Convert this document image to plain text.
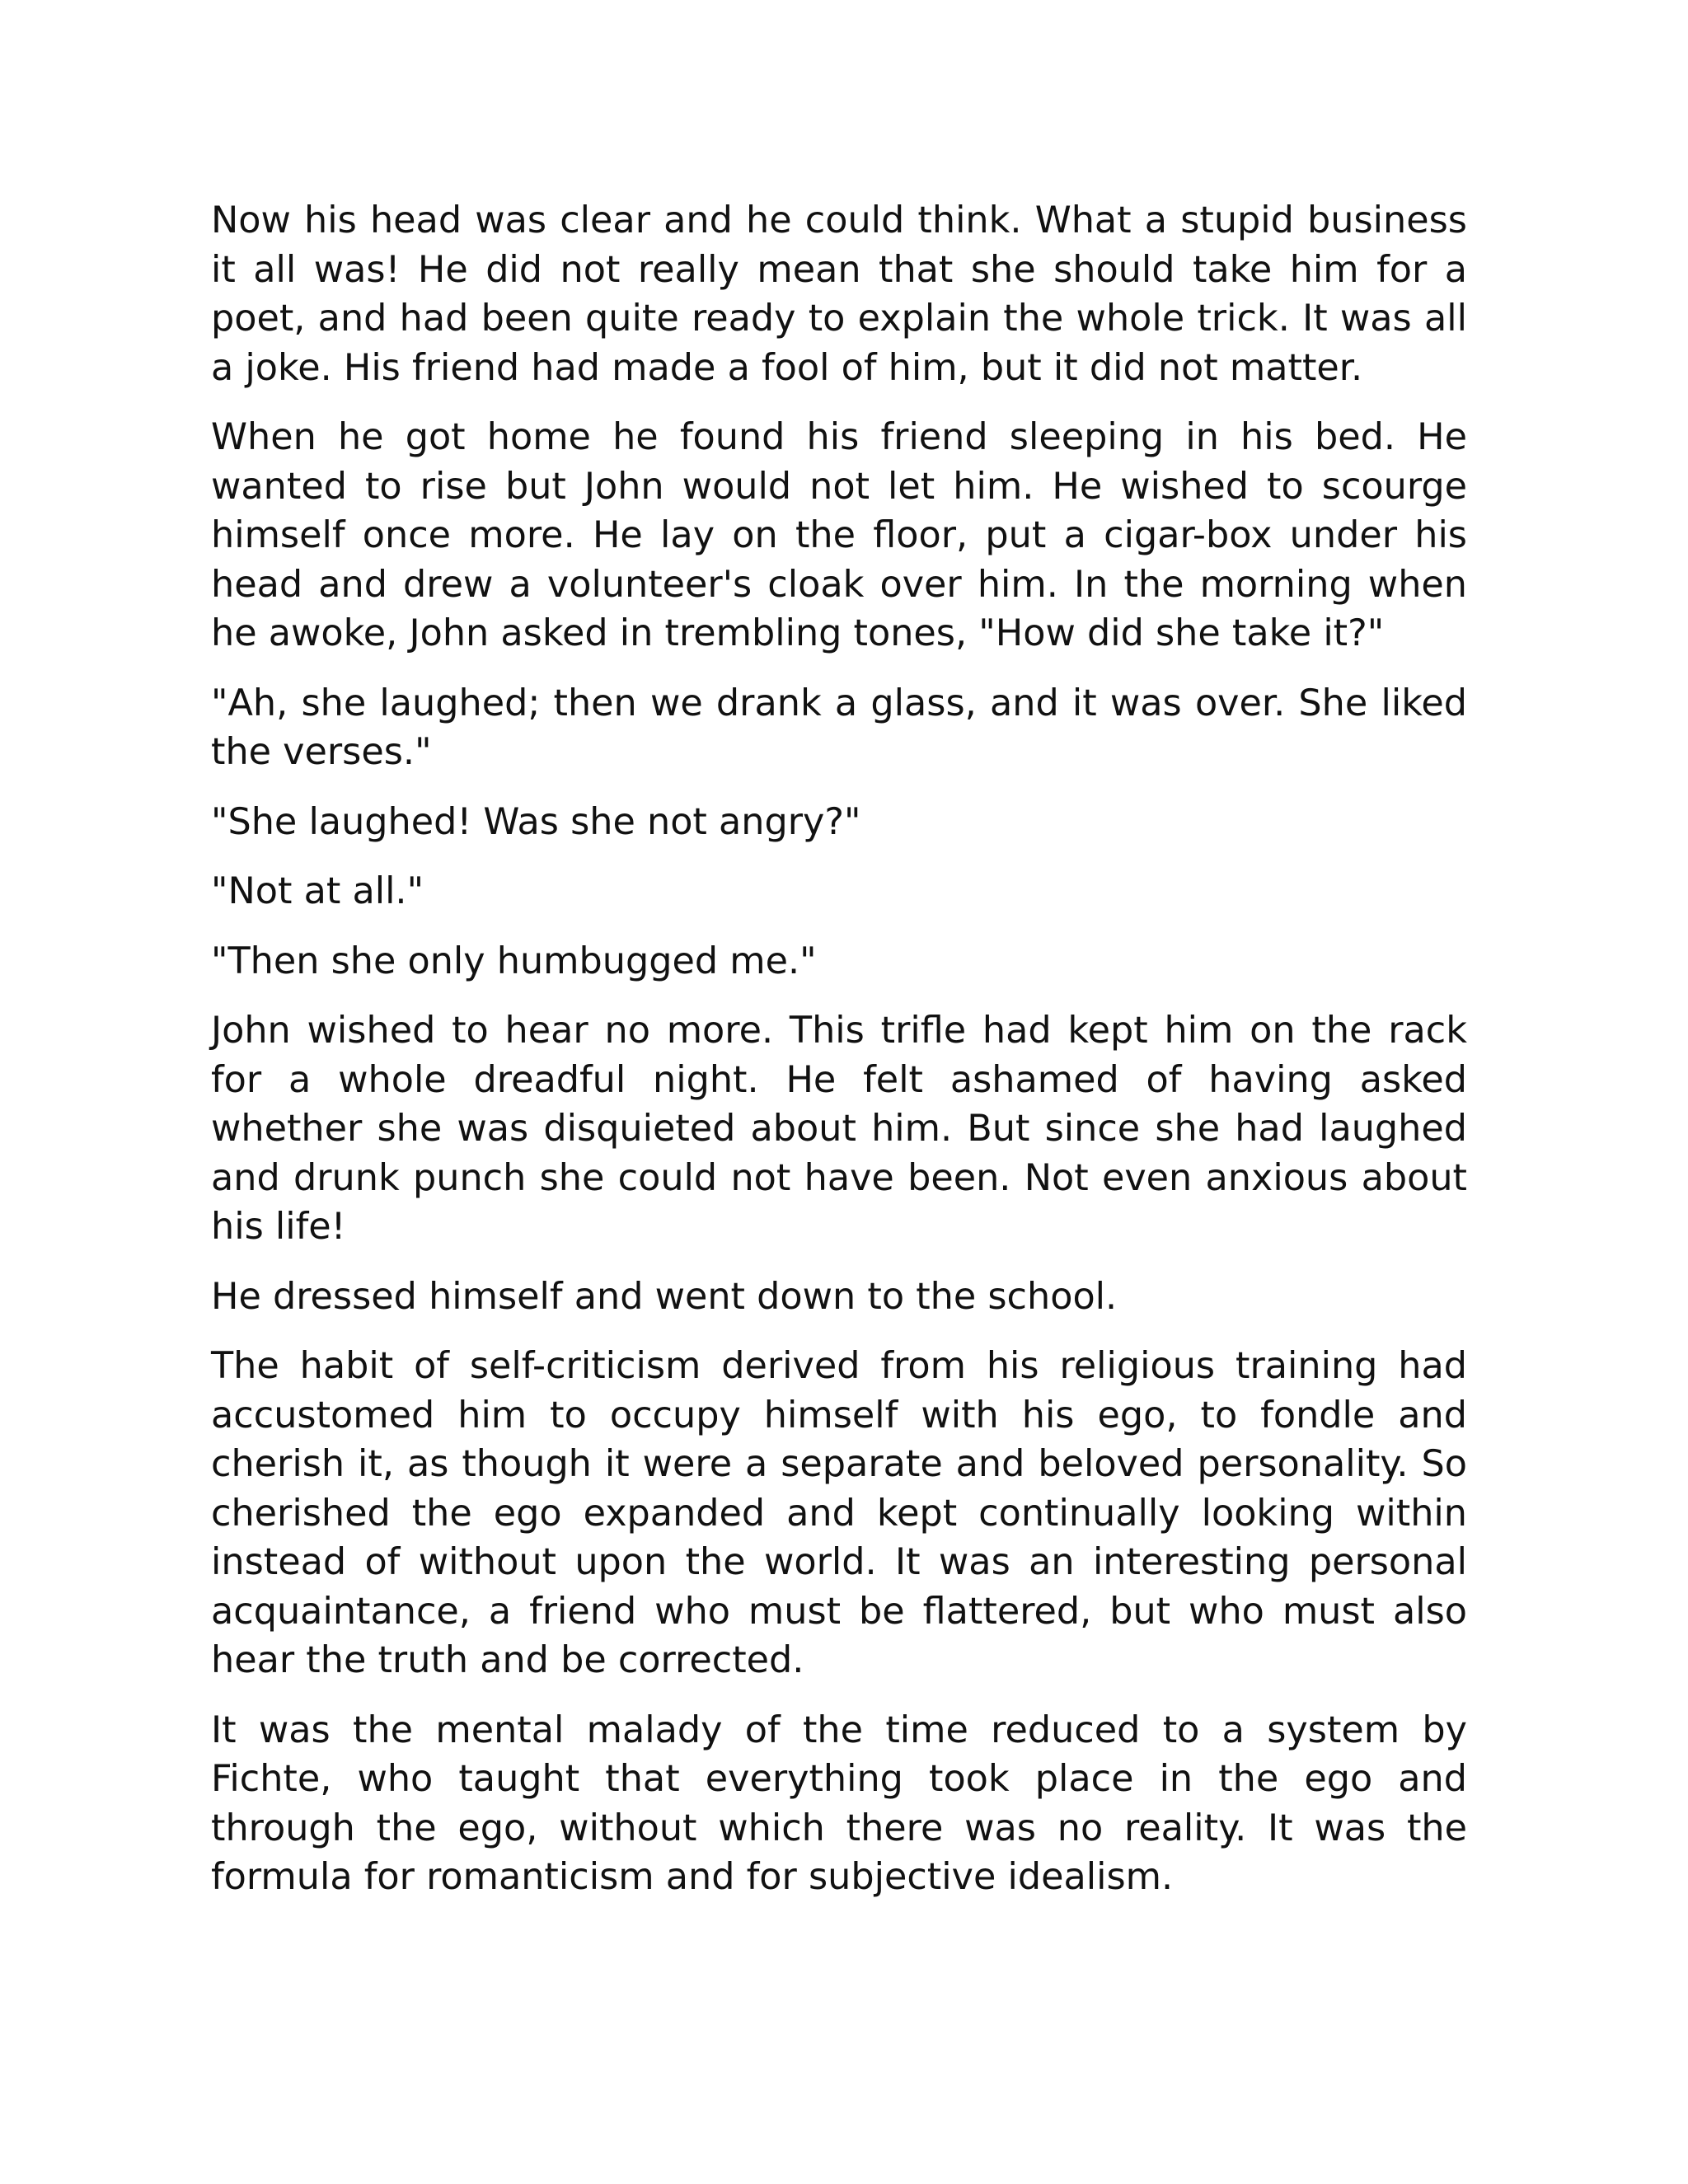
Now his head was clear and he could think. What a stupid business it all was! He did not really mean that she should take him for a poet, and had been quite ready to explain the whole trick. It was all a joke. His friend had made a fool of him, but it did not matter.

When he got home he found his friend sleeping in his bed. He wanted to rise but John would not let him. He wished to scourge himself once more. He lay on the floor, put a cigar-box under his head and drew a volunteer's cloak over him. In the morning when he awoke, John asked in trembling tones, "How did she take it?"

"Ah, she laughed; then we drank a glass, and it was over. She liked the verses."

"She laughed! Was she not angry?"

"Not at all."

"Then she only humbugged me."

John wished to hear no more. This trifle had kept him on the rack for a whole dreadful night. He felt ashamed of having asked whether she was disquieted about him. But since she had laughed and drunk punch she could not have been. Not even anxious about his life!

He dressed himself and went down to the school.

The habit of self-criticism derived from his religious training had accustomed him to occupy himself with his ego, to fondle and cherish it, as though it were a separate and beloved personality. So cherished the ego expanded and kept continually looking within instead of without upon the world. It was an interesting personal acquaintance, a friend who must be flattered, but who must also hear the truth and be corrected.

It was the mental malady of the time reduced to a system by Fichte, who taught that everything took place in the ego and through the ego, without which there was no reality. It was the formula for romanticism and for subjective idealism.
